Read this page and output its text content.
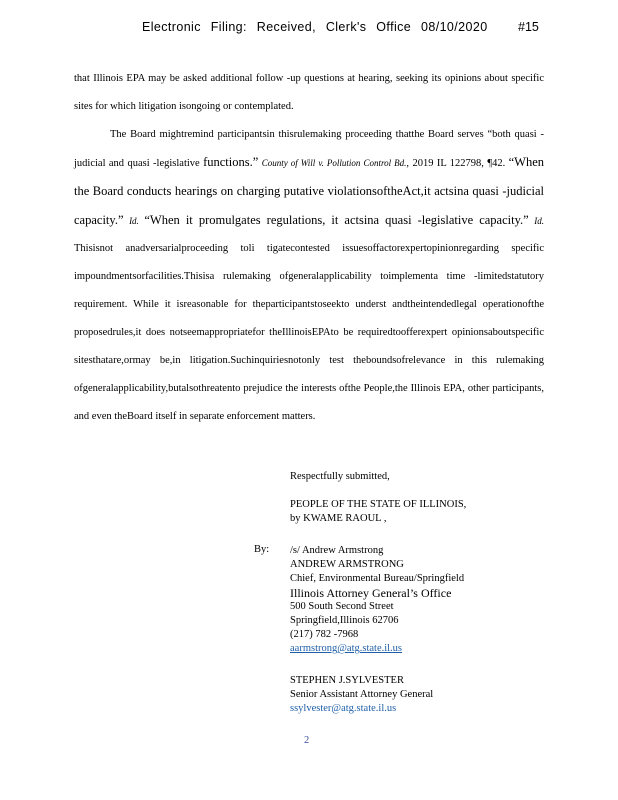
Electronic Filing: Received, Clerk's Office 08/10/2020 #15

that Illinois EPA may be asked additional follow -up questions at hearing, seeking its opinions about specific sites for which litigation isongoing or contemplated.

The Board mightremind participantsin thisrulemaking proceeding thatthe Board serves “both quasi -judicial and quasi -legislative functions.” County of Will v. Pollution Control Bd., 2019 IL 122798, ¶42. “When the Board conducts hearings on charging putative violationsoftheAct,it actsina quasi -judicial capacity.” Id. “When it promulgates regulations, it actsina quasi -legislative capacity.” Id. Thisisnot anadversarialproceeding toli tigatecontested issuesoffactorexpertopinionregarding specific impoundmentsorfacilities.Thisisa rulemaking ofgeneralapplicability toimplementa time -limitedstatutory requirement. While it isreasonable for theparticipantstoseekto underst andtheintendedlegal operationofthe proposedrules,it does notseemappropriatefor theIllinoisEPAto be requiredtoofferexpert opinionsaboutspecific sitesthatare,ormay be,in litigation.Suchinquiriesnotonly test theboundsofrelevance in this rulemaking ofgeneralapplicability,butalsothreatento prejudice the interests ofthe People,the Illinois EPA, other participants, and even theBoard itself in separate enforcement matters.

Respectfully submitted,
PEOPLE OF THE STATE OF ILLINOIS,
by KWAME RAOUL ,
By: /s/ Andrew Armstrong
ANDREW ARMSTRONG
Chief, Environmental Bureau/Springfield
Illinois Attorney General’s Office
500 South Second Street
Springfield,Illinois 62706
(217) 782 -7968
aarmstrong@atg.state.il.us
STEPHEN J.SYLVESTER
Senior Assistant Attorney General
ssylvester@atg.state.il.us
2
